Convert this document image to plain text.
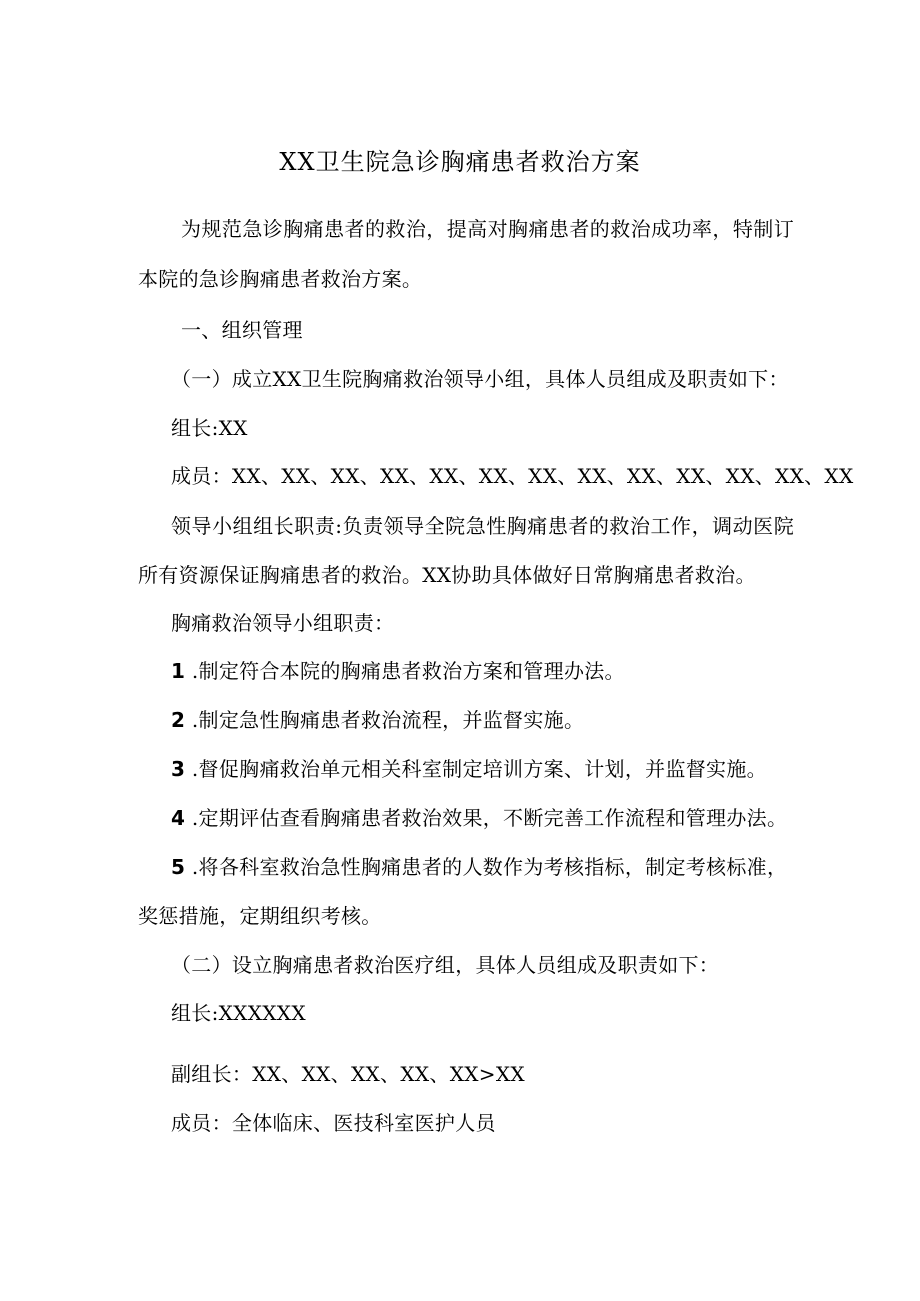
XX卫生院急诊胸痛患者救治方案
为规范急诊胸痛患者的救治，提高对胸痛患者的救治成功率，特制订
本院的急诊胸痛患者救治方案。
一、组织管理
（一）成立XX卫生院胸痛救治领导小组，具体人员组成及职责如下：
组长:XX
成员：XX、XX、XX、XX、XX、XX、XX、XX、XX、XX、XX、XX、XX
领导小组组长职责:负责领导全院急性胸痛患者的救治工作，调动医院
所有资源保证胸痛患者的救治。XX协助具体做好日常胸痛患者救治。
胸痛救治领导小组职责：
1 .制定符合本院的胸痛患者救治方案和管理办法。
2 .制定急性胸痛患者救治流程，并监督实施。
3 .督促胸痛救治单元相关科室制定培训方案、计划，并监督实施。
4 .定期评估查看胸痛患者救治效果，不断完善工作流程和管理办法。
5 .将各科室救治急性胸痛患者的人数作为考核指标，制定考核标准，
奖惩措施，定期组织考核。
（二）设立胸痛患者救治医疗组，具体人员组成及职责如下：
组长:XXXXXX
副组长：XX、XX、XX、XX、XX>XX
成员：全体临床、医技科室医护人员
